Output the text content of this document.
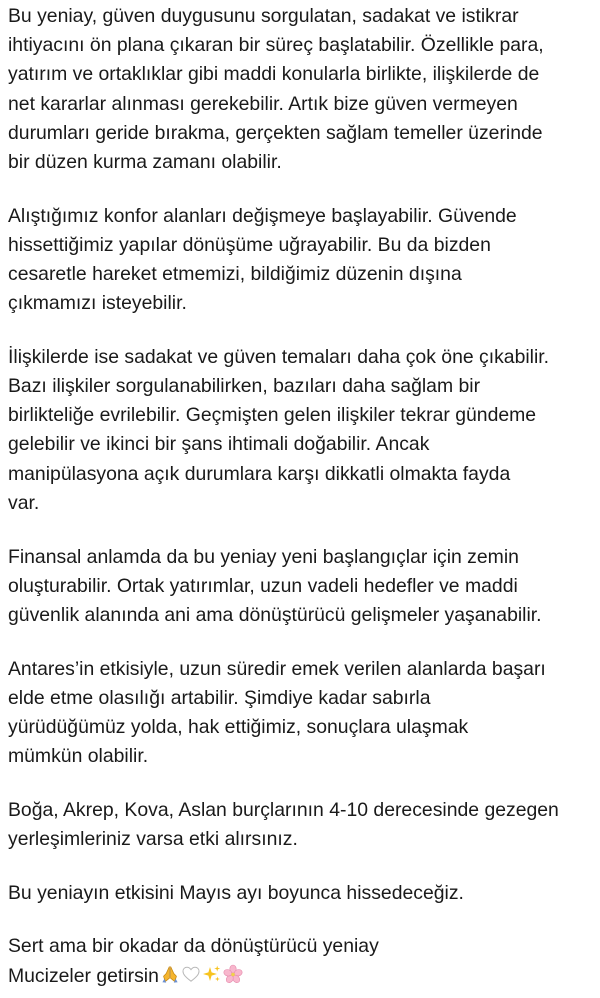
Bu yeniay, güven duygusunu sorgulatan, sadakat ve istikrar
ihtiyacını ön plana çıkaran bir süreç başlatabilir. Özellikle para,
yatırım ve ortaklıklar gibi maddi konularla birlikte, ilişkilerde de
net kararlar alınması gerekebilir. Artık bize güven vermeyen
durumları geride bırakma, gerçekten sağlam temeller üzerinde
bir düzen kurma zamanı olabilir.
Alıştığımız konfor alanları değişmeye başlayabilir. Güvende
hissettiğimiz yapılar dönüşüme uğrayabilir. Bu da bizden
cesaretle hareket etmemizi, bildiğimiz düzenin dışına
çıkmamızı isteyebilir.
İlişkilerde ise sadakat ve güven temaları daha çok öne çıkabilir.
Bazı ilişkiler sorgulanabilirken, bazıları daha sağlam bir
birlikteliğe evrilebilir. Geçmişten gelen ilişkiler tekrar gündeme
gelebilir ve ikinci bir şans ihtimali doğabilir. Ancak
manipülasyona açık durumlara karşı dikkatli olmakta fayda
var.
Finansal anlamda da bu yeniay yeni başlangıçlar için zemin
oluşturabilir. Ortak yatırımlar, uzun vadeli hedefler ve maddi
güvenlik alanında ani ama dönüştürücü gelişmeler yaşanabilir.
Antares’in etkisiyle, uzun süredir emek verilen alanlarda başarı
elde etme olasılığı artabilir. Şimdiye kadar sabırla
yürüdüğümüz yolda, hak ettiğimiz, sonuçlara ulaşmak
mümkün olabilir.
Boğa, Akrep, Kova, Aslan burçlarının 4-10 derecesinde gezegen
yerleşimleriniz varsa etki alırsınız.
Bu yeniayın etkisini Mayıs ayı boyunca hissedeceğiz.
Sert ama bir okadar da dönüştürücü yeniay
Mucizeler getirsin
